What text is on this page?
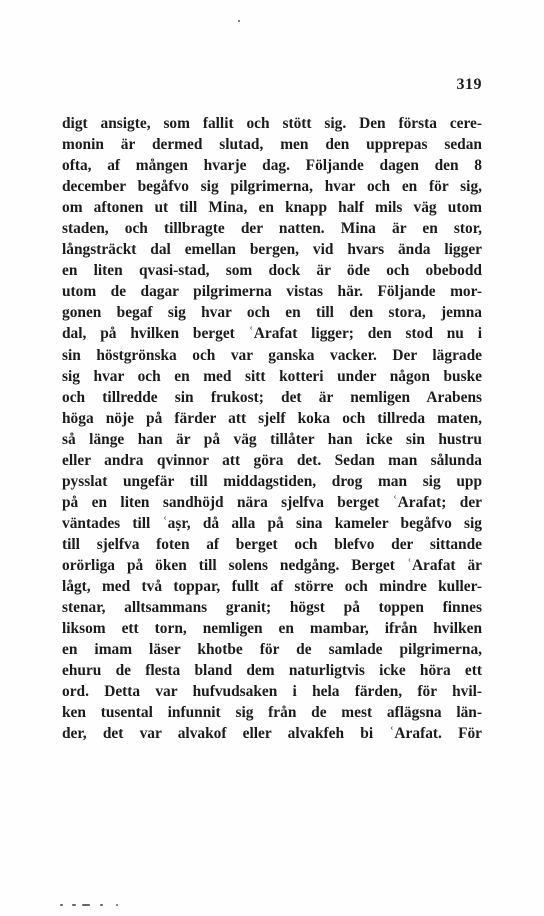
319
digt ansigte, som fallit och stött sig. Den första cere-
monin är dermed slutad, men den upprepas sedan
ofta, af mången hvarje dag. Följande dagen den 8
december begåfvo sig pilgrimerna, hvar och en för sig,
om aftonen ut till Mina, en knapp half mils väg utom
staden, och tillbragte der natten. Mina är en stor,
långsträckt dal emellan bergen, vid hvars ända ligger
en liten qvasi-stad, som dock är öde och obebodd
utom de dagar pilgrimerna vistas här. Följande mor-
gonen begaf sig hvar och en till den stora, jemna
dal, på hvilken berget ʿArafat ligger; den stod nu i
sin höstgrönska och var ganska vacker. Der lägrade
sig hvar och en med sitt kotteri under någon buske
och tillredde sin frukost; det är nemligen Arabens
höga nöje på färder att sjelf koka och tillreda maten,
så länge han är på väg tillåter han icke sin hustru
eller andra qvinnor att göra det. Sedan man sålunda
pysslat ungefär till middagstiden, drog man sig upp
på en liten sandhöjd nära sjelfva berget ʿArafat; der
väntades till ʿaṣr, då alla på sina kameler begåfvo sig
till sjelfva foten af berget och blefvo der sittande
orörliga på öken till solens nedgång. Berget ʿArafat är
lågt, med två toppar, fullt af större och mindre kuller-
stenar, alltsammans granit; högst på toppen finnes
liksom ett torn, nemligen en mambar, ifrån hvilken
en imam läser khotbe för de samlade pilgrimerna,
ehuru de flesta bland dem naturligtvis icke höra ett
ord. Detta var hufvudsaken i hela färden, för hvil-
ken tusental infunnit sig från de mest aflägsna län-
der, det var alvakof eller alvakfeh bi ʿArafat. För
